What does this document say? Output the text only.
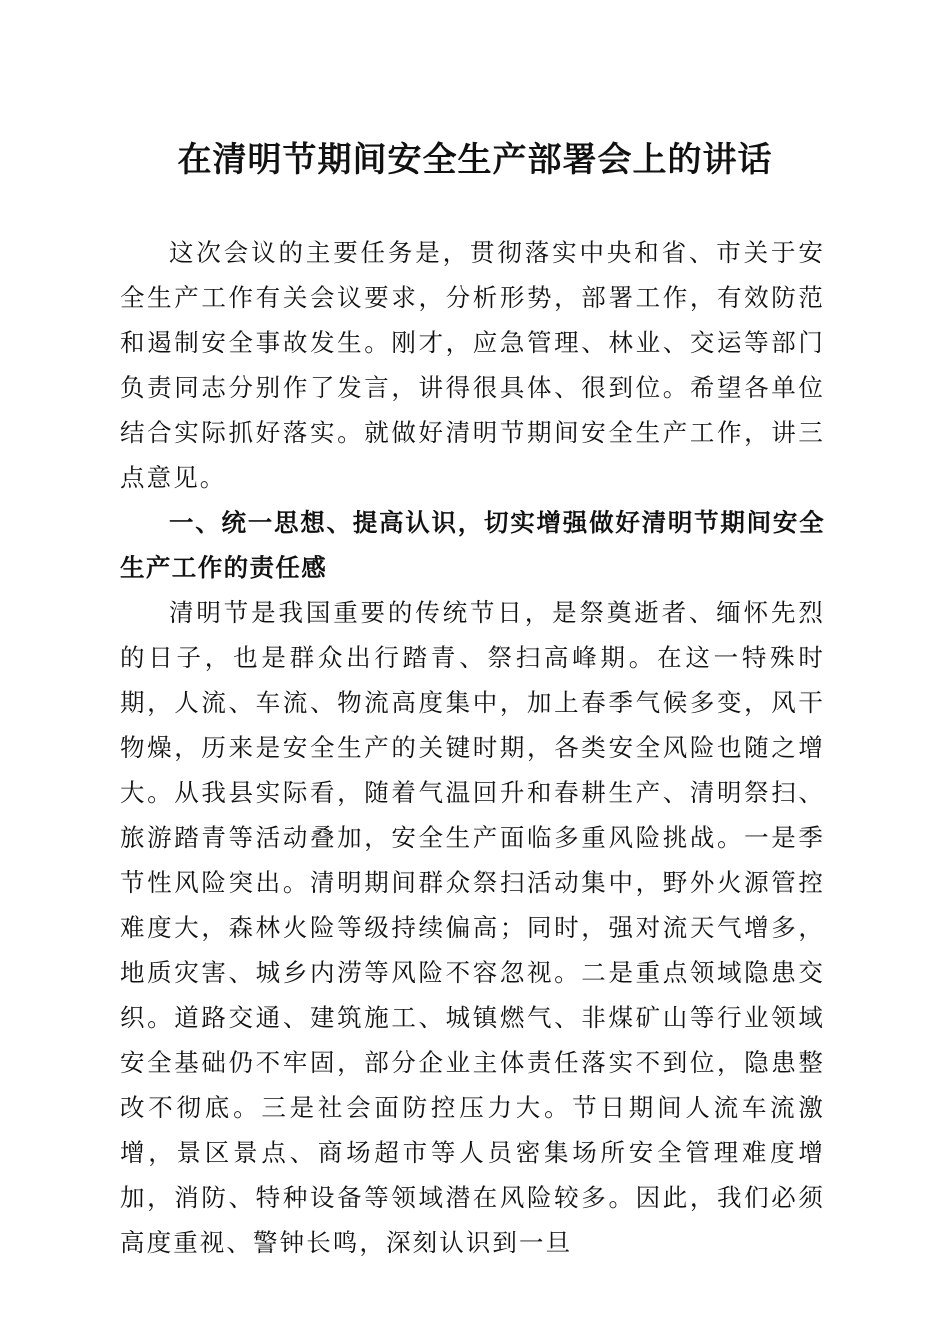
在清明节期间安全生产部署会上的讲话

这次会议的主要任务是，贯彻落实中央和省、市关于安全生产工作有关会议要求，分析形势，部署工作，有效防范和遏制安全事故发生。刚才，应急管理、林业、交运等部门负责同志分别作了发言，讲得很具体、很到位。希望各单位结合实际抓好落实。就做好清明节期间安全生产工作，讲三点意见。

一、统一思想、提高认识，切实增强做好清明节期间安全生产工作的责任感

清明节是我国重要的传统节日，是祭奠逝者、缅怀先烈的日子，也是群众出行踏青、祭扫高峰期。在这一特殊时期，人流、车流、物流高度集中，加上春季气候多变，风干物燥，历来是安全生产的关键时期，各类安全风险也随之增大。从我县实际看，随着气温回升和春耕生产、清明祭扫、旅游踏青等活动叠加，安全生产面临多重风险挑战。一是季节性风险突出。清明期间群众祭扫活动集中，野外火源管控难度大，森林火险等级持续偏高；同时，强对流天气增多，地质灾害、城乡内涝等风险不容忽视。二是重点领域隐患交织。道路交通、建筑施工、城镇燃气、非煤矿山等行业领域安全基础仍不牢固，部分企业主体责任落实不到位，隐患整改不彻底。三是社会面防控压力大。节日期间人流车流激增，景区景点、商场超市等人员密集场所安全管理难度增加，消防、特种设备等领域潜在风险较多。因此，我们必须高度重视、警钟长鸣，深刻认识到一旦
